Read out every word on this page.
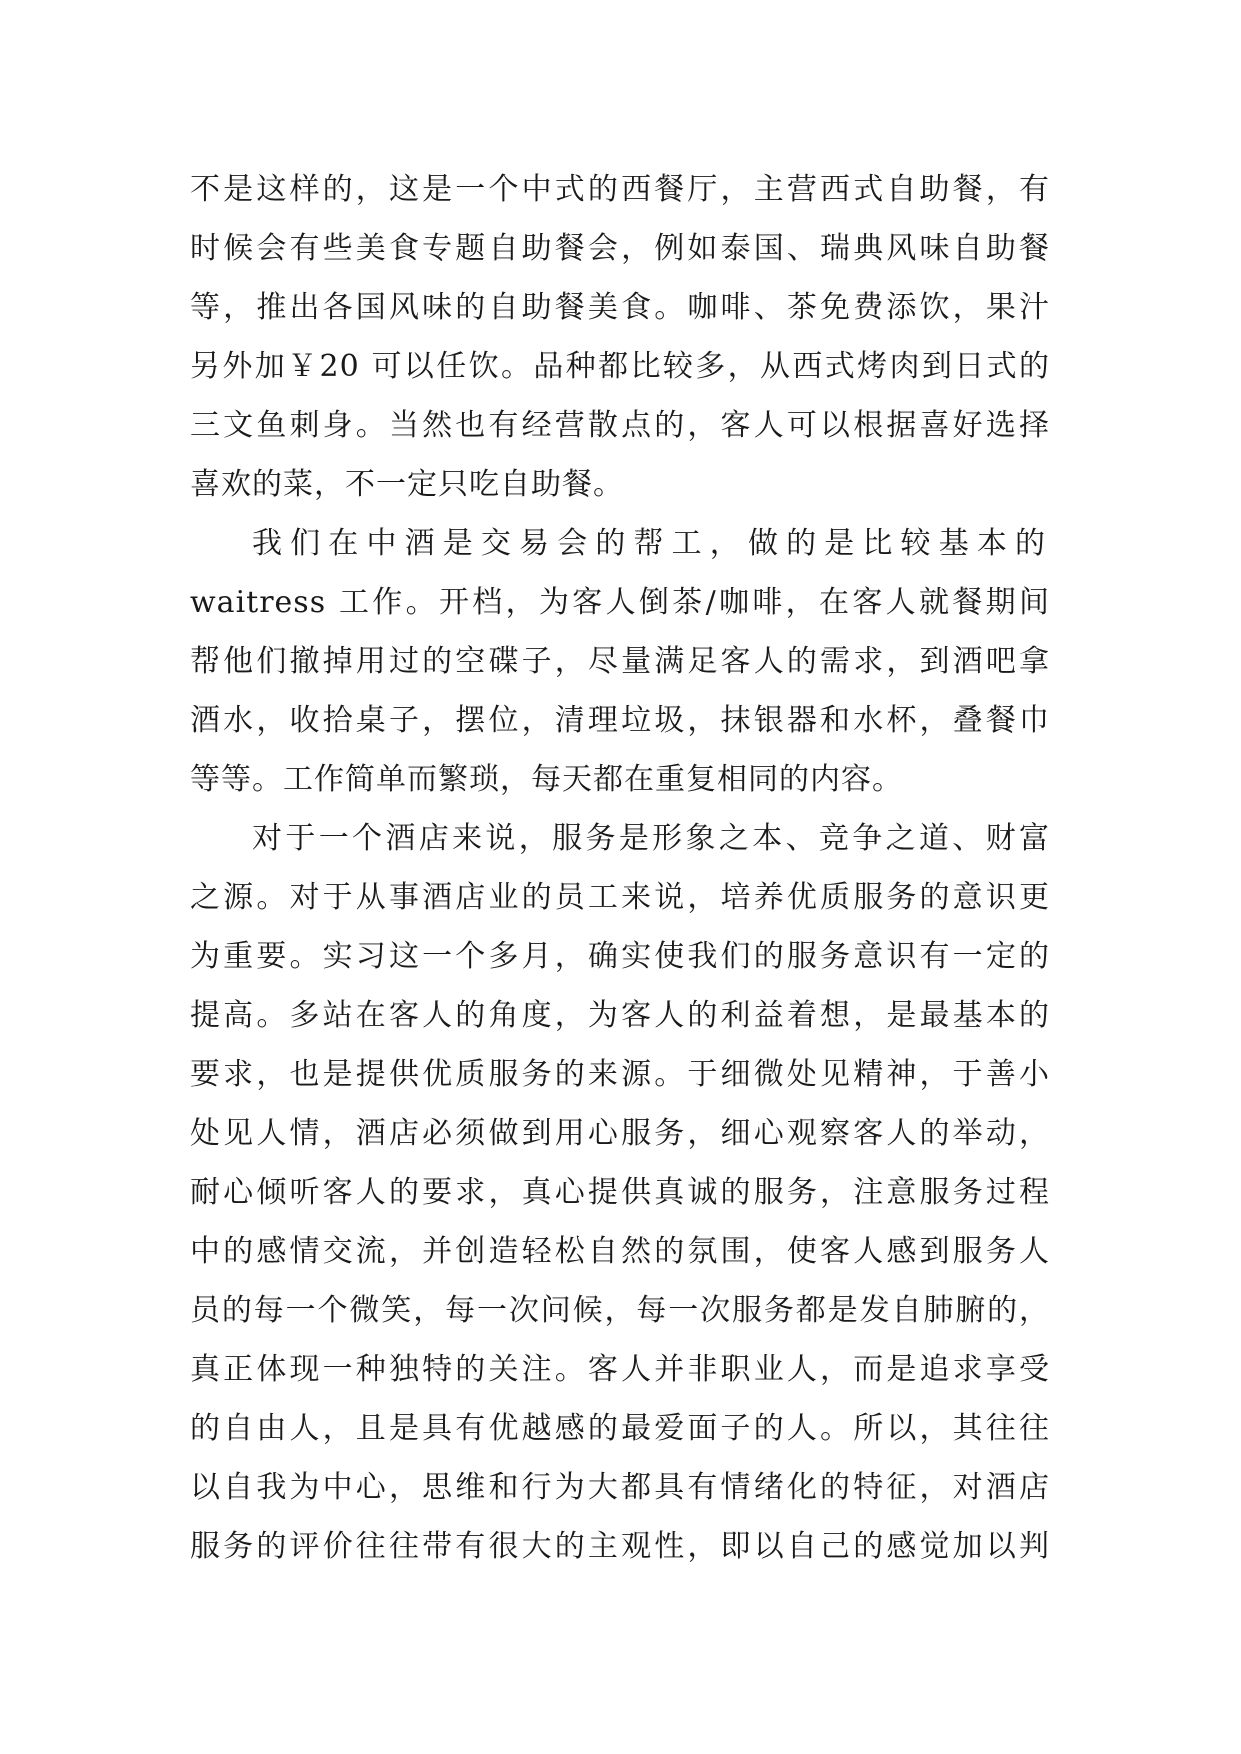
不是这样的，这是一个中式的西餐厅，主营西式自助餐，有
时候会有些美食专题自助餐会，例如泰国、瑞典风味自助餐
等，推出各国风味的自助餐美食。咖啡、茶免费添饮，果汁
另外加￥20 可以任饮。品种都比较多，从西式烤肉到日式的
三文鱼刺身。当然也有经营散点的，客人可以根据喜好选择
喜欢的菜，不一定只吃自助餐。
我们在中酒是交易会的帮工，做的是比较基本的
waitress 工作。开档，为客人倒茶/咖啡，在客人就餐期间
帮他们撤掉用过的空碟子，尽量满足客人的需求，到酒吧拿
酒水，收拾桌子，摆位，清理垃圾，抹银器和水杯，叠餐巾
等等。工作简单而繁琐，每天都在重复相同的内容。
对于一个酒店来说，服务是形象之本、竞争之道、财富
之源。对于从事酒店业的员工来说，培养优质服务的意识更
为重要。实习这一个多月，确实使我们的服务意识有一定的
提高。多站在客人的角度，为客人的利益着想，是最基本的
要求，也是提供优质服务的来源。于细微处见精神，于善小
处见人情，酒店必须做到用心服务，细心观察客人的举动，
耐心倾听客人的要求，真心提供真诚的服务，注意服务过程
中的感情交流，并创造轻松自然的氛围，使客人感到服务人
员的每一个微笑，每一次问候，每一次服务都是发自肺腑的，
真正体现一种独特的关注。客人并非职业人，而是追求享受
的自由人，且是具有优越感的最爱面子的人。所以，其往往
以自我为中心，思维和行为大都具有情绪化的特征，对酒店
服务的评价往往带有很大的主观性，即以自己的感觉加以判
